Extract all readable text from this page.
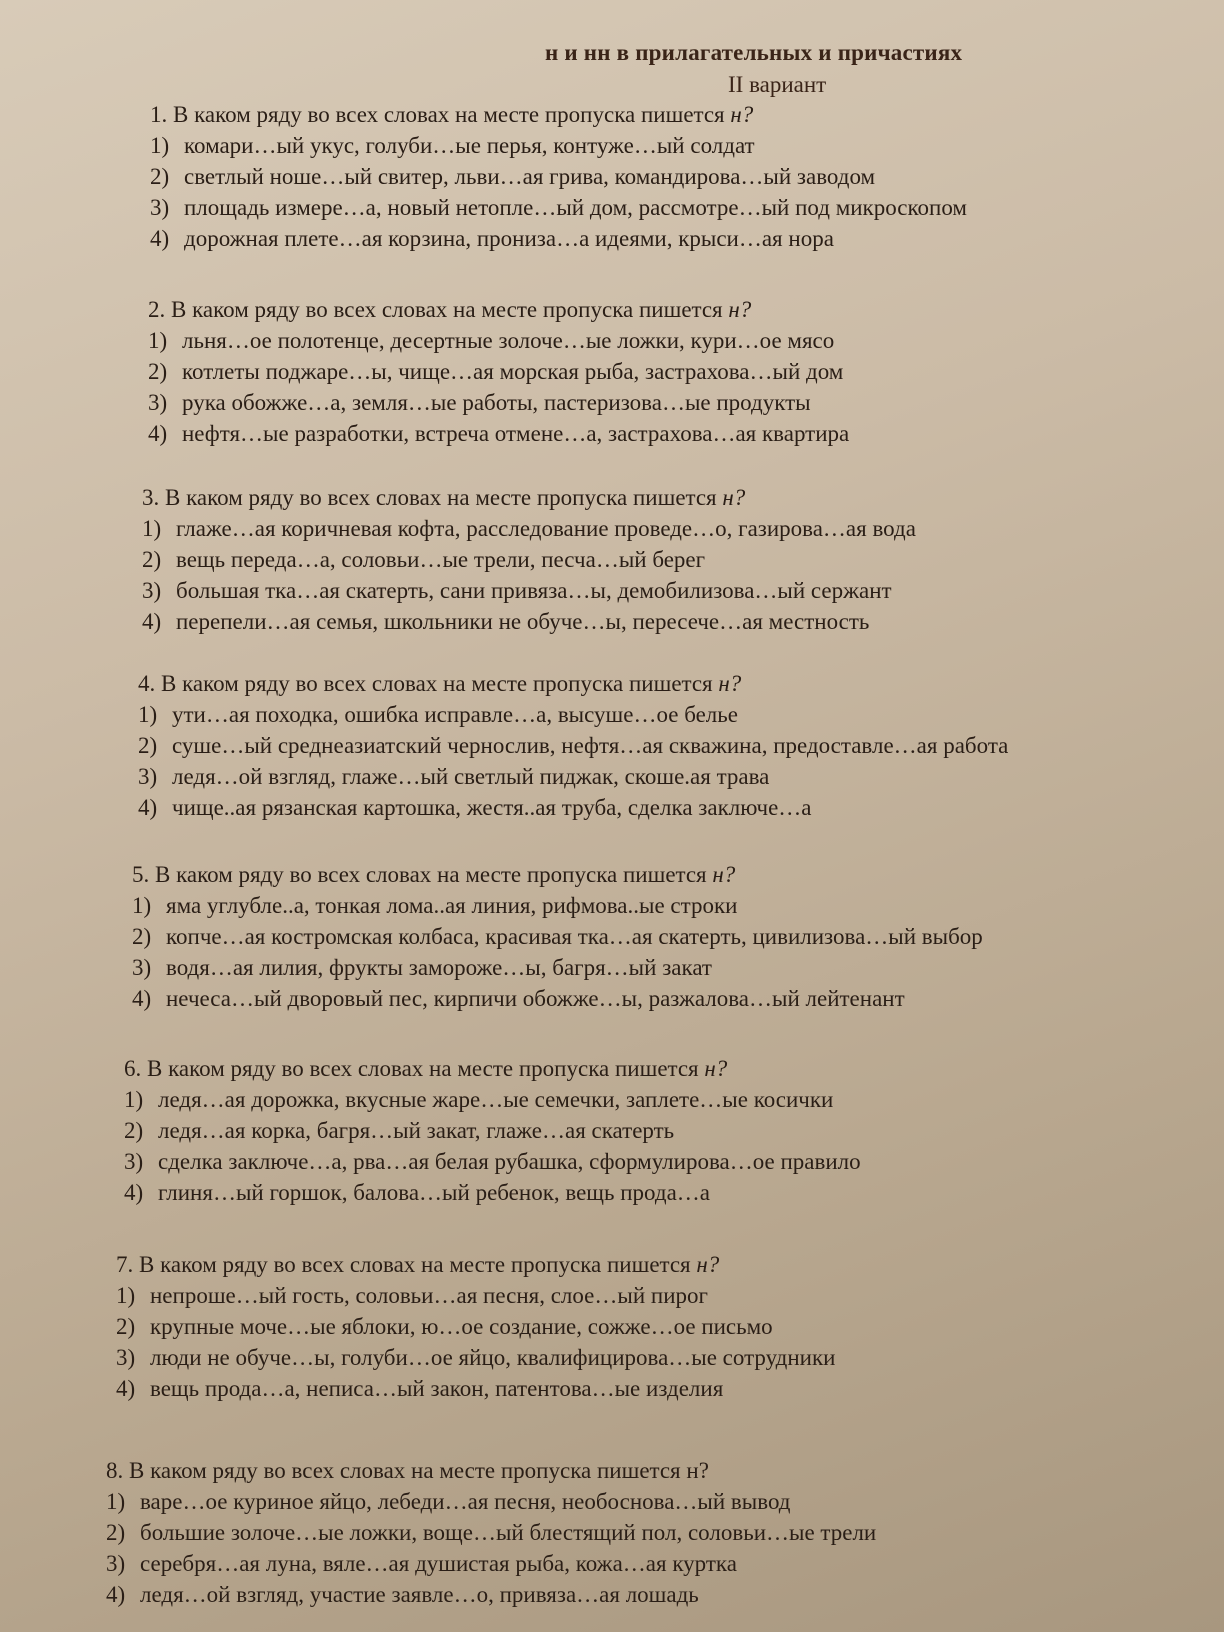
н и нн в прилагательных и причастиях
II вариант
1. В каком ряду во всех словах на месте пропуска пишется н?
1) комари…ый укус, голуби…ые перья, контуже…ый солдат
2) светлый ноше…ый свитер, льви…ая грива, командирова…ый заводом
3) площадь измере…а, новый нетопле…ый дом, рассмотре…ый под микроскопом
4) дорожная плете…ая корзина, прониза…а идеями, крыси…ая нора
2. В каком ряду во всех словах на месте пропуска пишется н?
1) льня…ое полотенце, десертные золоче…ые ложки, кури…ое мясо
2) котлеты поджаре…ы, чище…ая морская рыба, застрахова…ый дом
3) рука обожже…а, земля…ые работы, пастеризова…ые продукты
4) нефтя…ые разработки, встреча отмене…а, застрахова…ая квартира
3. В каком ряду во всех словах на месте пропуска пишется н?
1) глаже…ая коричневая кофта, расследование проведе…о, газирова…ая вода
2) вещь переда…а, соловьи…ые трели, песча…ый берег
3) большая тка…ая скатерть, сани привяза…ы, демобилизова…ый сержант
4) перепели…ая семья, школьники не обуче…ы, пересече…ая местность
4. В каком ряду во всех словах на месте пропуска пишется н?
1) ути…ая походка, ошибка исправле…а, высуше…ое белье
2) суше…ый среднеазиатский чернослив, нефтя…ая скважина, предоставле…ая работа
3) ледя…ой взгляд, глаже…ый светлый пиджак, скоше.ая трава
4) чище..ая рязанская картошка, жестя..ая труба, сделка заключе…а
5. В каком ряду во всех словах на месте пропуска пишется н?
1) яма углубле..а, тонкая лома..ая линия, рифмова..ые строки
2) копче…ая костромская колбаса, красивая тка…ая скатерть, цивилизова…ый выбор
3) водя…ая лилия, фрукты замороже…ы, багря…ый закат
4) нечеса…ый дворовый пес, кирпичи обожже…ы, разжалова…ый лейтенант
6. В каком ряду во всех словах на месте пропуска пишется н?
1) ледя…ая дорожка, вкусные жаре…ые семечки, заплете…ые косички
2) ледя…ая корка, багря…ый закат, глаже…ая скатерть
3) сделка заключе…а, рва…ая белая рубашка, сформулирова…ое правило
4) глиня…ый горшок, балова…ый ребенок, вещь прода…а
7. В каком ряду во всех словах на месте пропуска пишется н?
1) непроше…ый гость, соловьи…ая песня, слое…ый пирог
2) крупные моче…ые яблоки, ю…ое создание, сожже…ое письмо
3) люди не обуче…ы, голуби…ое яйцо, квалифицирова…ые сотрудники
4) вещь прода…а, неписа…ый закон, патентова…ые изделия
8. В каком ряду во всех словах на месте пропуска пишется н?
1) варе…ое куриное яйцо, лебеди…ая песня, необоснова…ый вывод
2) большие золоче…ые ложки, воще…ый блестящий пол, соловьи…ые трели
3) серебря…ая луна, вяле…ая душистая рыба, кожа…ая куртка
4) ледя…ой взгляд, участие заявле…о, привяза…ая лошадь
